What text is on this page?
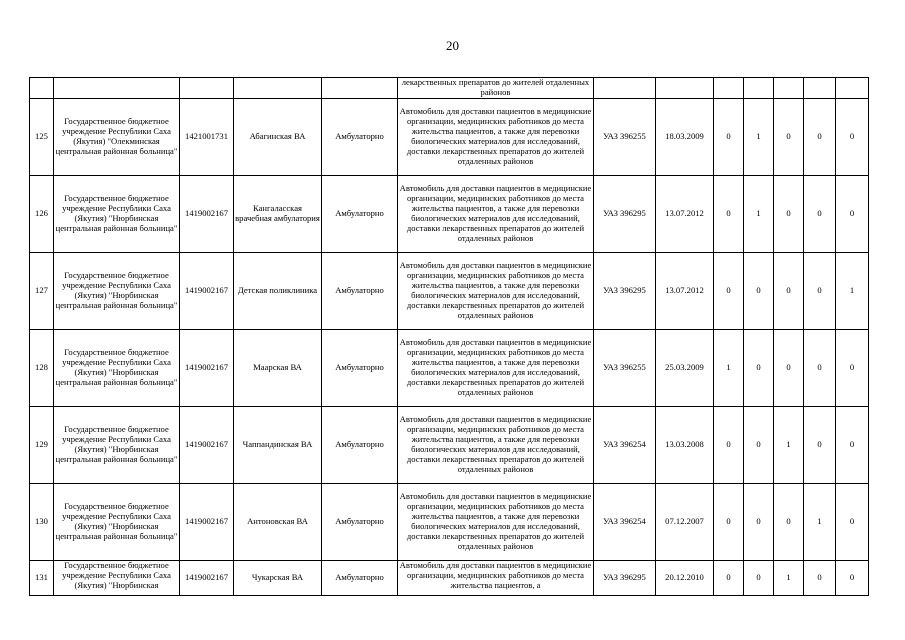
20
					лекарственных препаратов до жителей отдаленных районов							
125	Государственное бюджетное учреждение Республики Саха (Якутия) "Олекминская центральная районная больница"	1421001731	Абагинская ВА	Амбулаторно	Автомобиль для доставки пациентов в медицинские организации, медицинских работников до места жительства пациентов, а также для перевозки биологических материалов для исследований, доставки лекарственных препаратов до жителей отдаленных районов	УАЗ 396255	18.03.2009	0	1	0	0	0
126	Государственное бюджетное учреждение Республики Саха (Якутия) "Нюрбинская центральная районная больница"	1419002167	Кангаласская врачебная амбулатория	Амбулаторно	Автомобиль для доставки пациентов в медицинские организации, медицинских работников до места жительства пациентов, а также для перевозки биологических материалов для исследований, доставки лекарственных препаратов до жителей отдаленных районов	УАЗ 396295	13.07.2012	0	1	0	0	0
127	Государственное бюджетное учреждение Республики Саха (Якутия) "Нюрбинская центральная районная больница"	1419002167	Детская поликлиника	Амбулаторно	Автомобиль для доставки пациентов в медицинские организации, медицинских работников до места жительства пациентов, а также для перевозки биологических материалов для исследований, доставки лекарственных препаратов до жителей отдаленных районов	УАЗ 396295	13.07.2012	0	0	0	0	1
128	Государственное бюджетное учреждение Республики Саха (Якутия) "Нюрбинская центральная районная больница"	1419002167	Маарская ВА	Амбулаторно	Автомобиль для доставки пациентов в медицинские организации, медицинских работников до места жительства пациентов, а также для перевозки биологических материалов для исследований, доставки лекарственных препаратов до жителей отдаленных районов	УАЗ 396255	25.03.2009	1	0	0	0	0
129	Государственное бюджетное учреждение Республики Саха (Якутия) "Нюрбинская центральная районная больница"	1419002167	Чаппандинская ВА	Амбулаторно	Автомобиль для доставки пациентов в медицинские организации, медицинских работников до места жительства пациентов, а также для перевозки биологических материалов для исследований, доставки лекарственных препаратов до жителей отдаленных районов	УАЗ 396254	13.03.2008	0	0	1	0	0
130	Государственное бюджетное учреждение Республики Саха (Якутия) "Нюрбинская центральная районная больница"	1419002167	Антоновская ВА	Амбулаторно	Автомобиль для доставки пациентов в медицинские организации, медицинских работников до места жительства пациентов, а также для перевозки биологических материалов для исследований, доставки лекарственных препаратов до жителей отдаленных районов	УАЗ 396254	07.12.2007	0	0	0	1	0
131	Государственное бюджетное учреждение Республики Саха (Якутия) "Нюрбинская	1419002167	Чукарская ВА	Амбулаторно	Автомобиль для доставки пациентов в медицинские организации, медицинских работников до места жительства пациентов, а	УАЗ 396295	20.12.2010	0	0	1	0	0
